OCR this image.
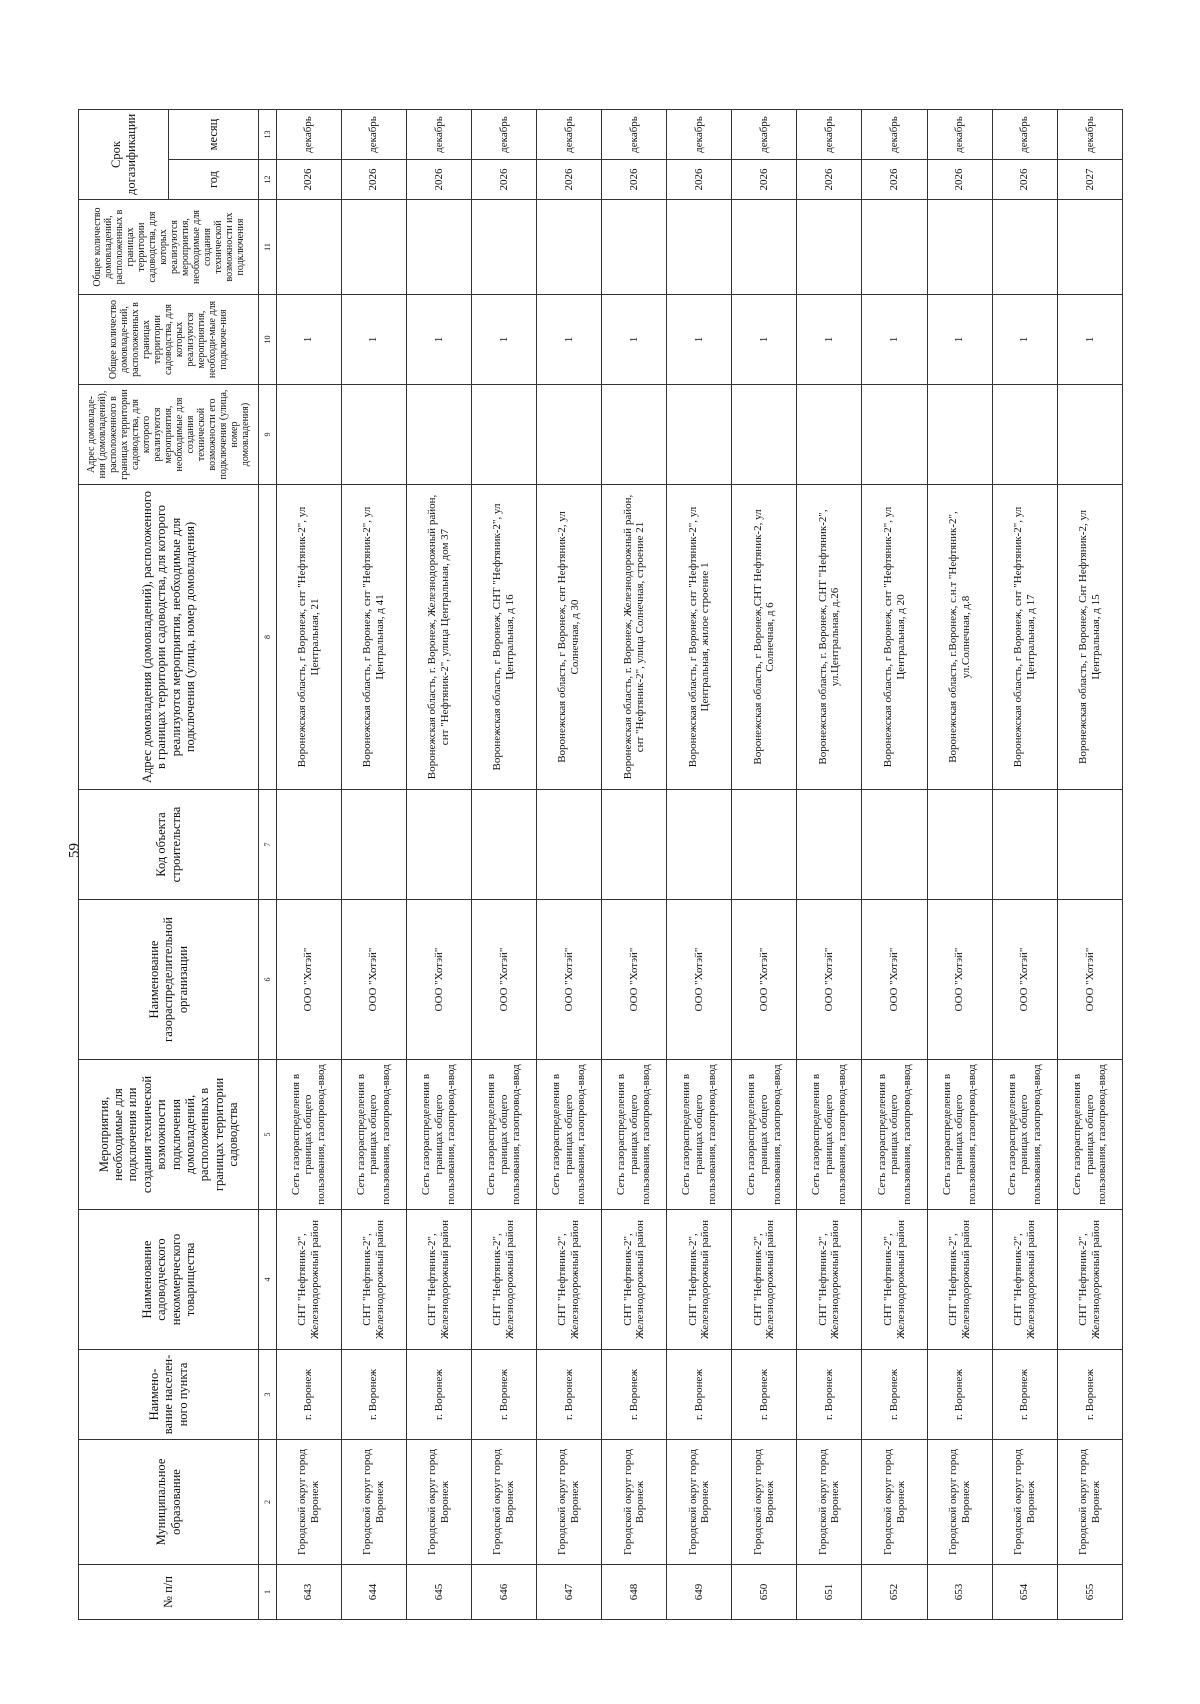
59
№ п/п	Муниципальное образование	Наимено-вание населен-ного пункта	Наименование садоводческого некоммерческого товарищества	Мероприятия, необходимые для подключения или создания технической возможности подключения домовладений, расположенных в границах территории садоводства	Наименование газораспределительной организации	Код объекта строительства	Адрес домовладения (домовладений), расположенного в границах территории садоводства, для которого реализуются мероприятия, необходимые для подключения (улица, номер домовладения)	Адрес домовладе-ния (домовладений), расположенного в границах территории садоводства, для которого реализуются мероприятия, необходимые для создания технической возможности его подключения (улица, номер домовладения)	Общее количество домовладе-ний, расположенных в границах территории садоводства, для которых реализуются мероприятия, необходи-мые для подключе-ния	Общее количество домовладений, расположенных в границах территории садоводства, для которых реализуются мероприятия, необходимые для создания технической возможности их подключения	Срок догазификации	
											год	месяц
1	2	3	4	5	6	7	8	9	10	11	12	13
643	Городской округ город Воронеж	г. Воронеж	СНТ "Нефтяник-2", Железнодорожный район	Сеть газораспределения в границах общего пользования, газопровод-ввод	ООО "Хотэй"		Воронежская область, г Воронеж, снт "Нефтяник-2", ул Центральная, 21		1		2026	декабрь
644	Городской округ город Воронеж	г. Воронеж	СНТ "Нефтяник-2", Железнодорожный район	Сеть газораспределения в границах общего пользования, газопровод-ввод	ООО "Хотэй"		Воронежская область, г Воронеж, снт "Нефтяник-2", ул Центральная, д 41		1		2026	декабрь
645	Городской округ город Воронеж	г. Воронеж	СНТ "Нефтяник-2", Железнодорожный район	Сеть газораспределения в границах общего пользования, газопровод-ввод	ООО "Хотэй"		Воронежская область, г. Воронеж, Железнодорожный район, снт "Нефтяник-2", улица Центральная, дом 37		1		2026	декабрь
646	Городской округ город Воронеж	г. Воронеж	СНТ "Нефтяник-2", Железнодорожный район	Сеть газораспределения в границах общего пользования, газопровод-ввод	ООО "Хотэй"		Воронежская область, г Воронеж, СНТ "Нефтяник-2", ул Центральная, д 16		1		2026	декабрь
647	Городской округ город Воронеж	г. Воронеж	СНТ "Нефтяник-2", Железнодорожный район	Сеть газораспределения в границах общего пользования, газопровод-ввод	ООО "Хотэй"		Воронежская область, г Воронеж, снт Нефтяник-2, ул Солнечная, д 30		1		2026	декабрь
648	Городской округ город Воронеж	г. Воронеж	СНТ "Нефтяник-2", Железнодорожный район	Сеть газораспределения в границах общего пользования, газопровод-ввод	ООО "Хотэй"		Воронежская область, г. Воронеж, Железнодорожный район, снт "Нефтяник-2", улица Солнечная, строение 21		1		2026	декабрь
649	Городской округ город Воронеж	г. Воронеж	СНТ "Нефтяник-2", Железнодорожный район	Сеть газораспределения в границах общего пользования, газопровод-ввод	ООО "Хотэй"		Воронежская область, г Воронеж, снт "Нефтяник-2", ул Центральная, жилое строение 1		1		2026	декабрь
650	Городской округ город Воронеж	г. Воронеж	СНТ "Нефтяник-2", Железнодорожный район	Сеть газораспределения в границах общего пользования, газопровод-ввод	ООО "Хотэй"		Воронежская область, г Воронеж,СНТ Нефтяник-2, ул Солнечная, д 6		1		2026	декабрь
651	Городской округ город Воронеж	г. Воронеж	СНТ "Нефтяник-2", Железнодорожный район	Сеть газораспределения в границах общего пользования, газопровод-ввод	ООО "Хотэй"		Воронежская область, г. Воронеж, СНТ "Нефтяник-2", ул.Центральная, д.26		1		2026	декабрь
652	Городской округ город Воронеж	г. Воронеж	СНТ "Нефтяник-2", Железнодорожный район	Сеть газораспределения в границах общего пользования, газопровод-ввод	ООО "Хотэй"		Воронежская область, г Воронеж, снт "Нефтяник-2", ул Центральная, д 20		1		2026	декабрь
653	Городской округ город Воронеж	г. Воронеж	СНТ "Нефтяник-2", Железнодорожный район	Сеть газораспределения в границах общего пользования, газопровод-ввод	ООО "Хотэй"		Воронежская область, г.Воронеж, с.н.т "Нефтяник-2", ул.Солнечная, д.8		1		2026	декабрь
654	Городской округ город Воронеж	г. Воронеж	СНТ "Нефтяник-2", Железнодорожный район	Сеть газораспределения в границах общего пользования, газопровод-ввод	ООО "Хотэй"		Воронежская область, г Воронеж, снт "Нефтяник-2", ул Центральная, д 17		1		2026	декабрь
655	Городской округ город Воронеж	г. Воронеж	СНТ "Нефтяник-2", Железнодорожный район	Сеть газораспределения в границах общего пользования, газопровод-ввод	ООО "Хотэй"		Воронежская область, г Воронеж, Снт Нефтяник-2, ул Центральная, д 15		1		2027	декабрь
